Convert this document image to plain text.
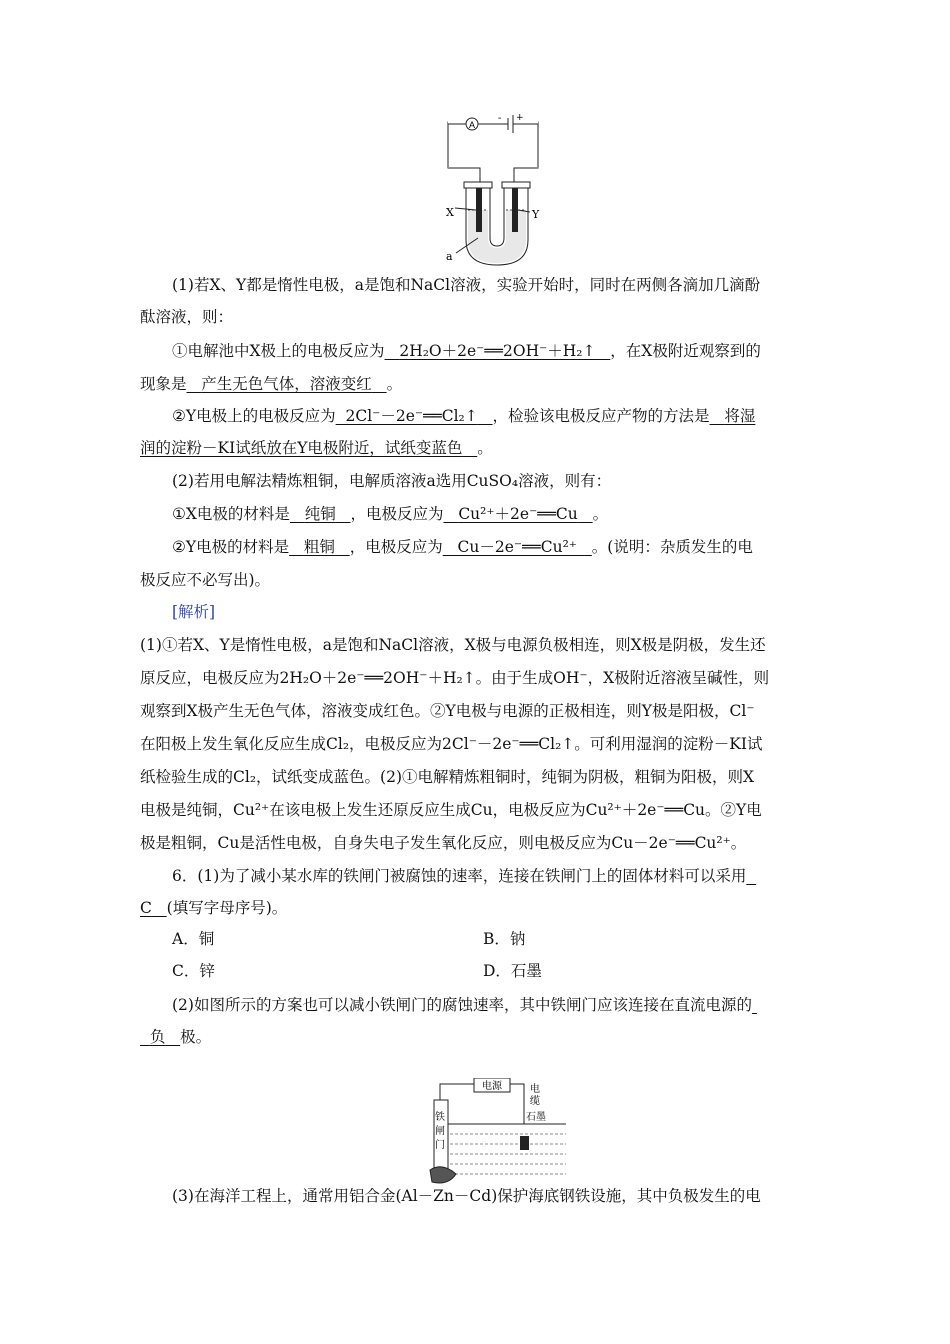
A
- +
X	Y
a
(1)若X、Y都是惰性电极，a是饱和NaCl溶液，实验开始时，同时在两侧各滴加几滴酚
酞溶液，则：
①电解池中X极上的电极反应为 2H₂O＋2e⁻══2OH⁻＋H₂↑ ，在X极附近观察到的
现象是 产生无色气体，溶液变红 。
②Y电极上的电极反应为 2Cl⁻－2e⁻══Cl₂↑ ，检验该电极反应产物的方法是 将湿
润的淀粉－KI试纸放在Y电极附近，试纸变蓝色 。
(2)若用电解法精炼粗铜，电解质溶液a选用CuSO₄溶液，则有：
①X电极的材料是 纯铜 ，电极反应为 Cu²⁺＋2e⁻══Cu 。
②Y电极的材料是 粗铜 ，电极反应为 Cu－2e⁻══Cu²⁺ 。(说明：杂质发生的电
极反应不必写出)。
[解析]
(1)①若X、Y是惰性电极，a是饱和NaCl溶液，X极与电源负极相连，则X极是阴极，发生还
原反应，电极反应为2H₂O＋2e⁻══2OH⁻＋H₂↑。由于生成OH⁻，X极附近溶液呈碱性，则
观察到X极产生无色气体，溶液变成红色。②Y电极与电源的正极相连，则Y极是阳极，Cl⁻
在阳极上发生氧化反应生成Cl₂，电极反应为2Cl⁻－2e⁻══Cl₂↑。可利用湿润的淀粉－KI试
纸检验生成的Cl₂，试纸变成蓝色。(2)①电解精炼粗铜时，纯铜为阴极，粗铜为阳极，则X
电极是纯铜，Cu²⁺在该电极上发生还原反应生成Cu，电极反应为Cu²⁺＋2e⁻══Cu。②Y电
极是粗铜，Cu是活性电极，自身失电子发生氧化反应，则电极反应为Cu－2e⁻══Cu²⁺。
6．(1)为了减小某水库的铁闸门被腐蚀的速率，连接在铁闸门上的固体材料可以采用
C (填写字母序号)。
A．铜	B．钠
C．锌	D．石墨
(2)如图所示的方案也可以减小铁闸门的腐蚀速率，其中铁闸门应该连接在直流电源的
负 极。
电源	电
缆
石墨
铁
闸
门
(3)在海洋工程上，通常用铝合金(Al－Zn－Cd)保护海底钢铁设施，其中负极发生的电
